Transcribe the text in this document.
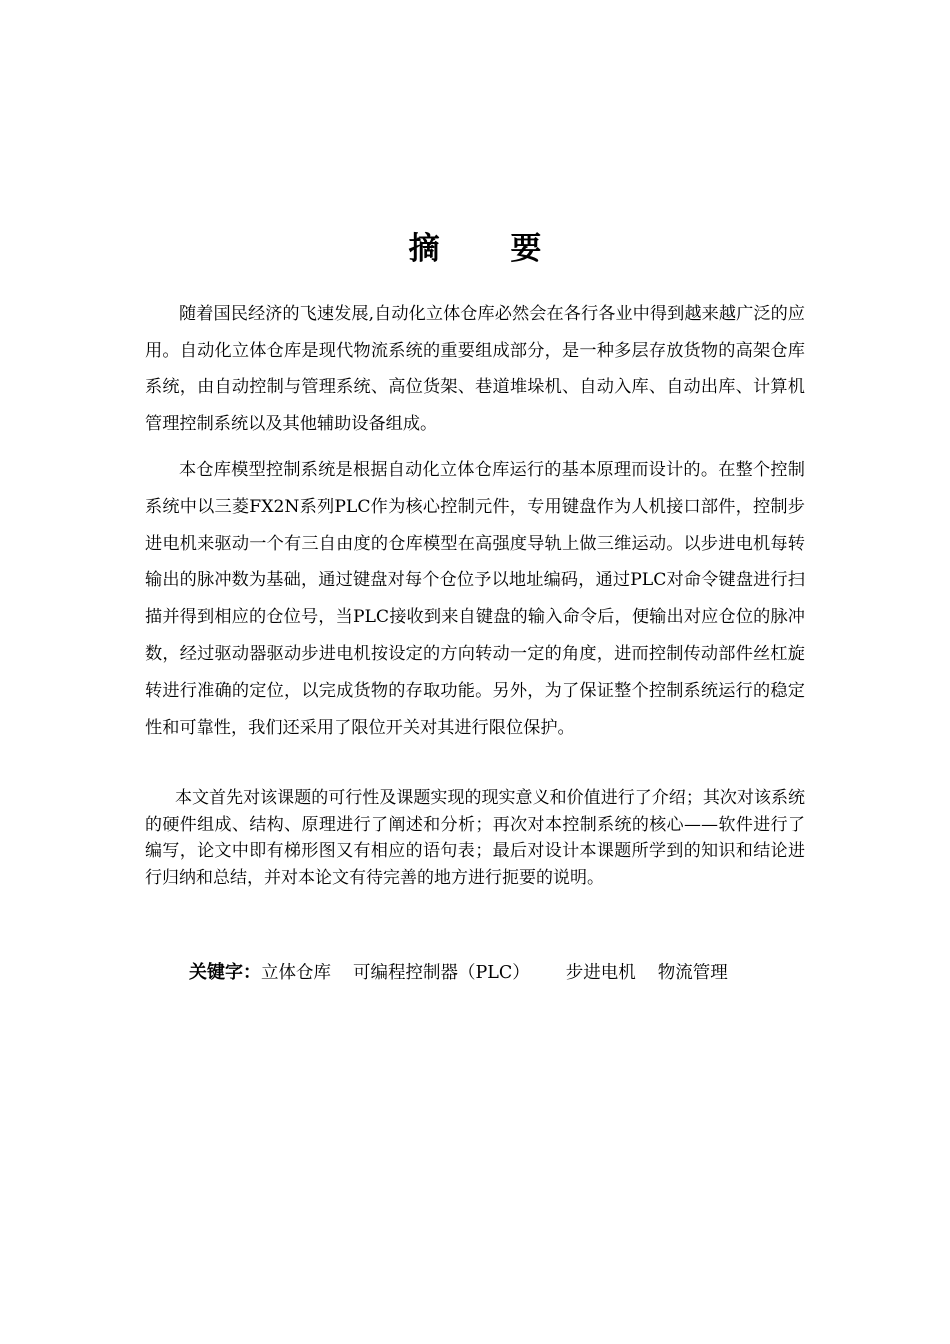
摘 要

随着国民经济的飞速发展,自动化立体仓库必然会在各行各业中得到越来越广泛的应用。自动化立体仓库是现代物流系统的重要组成部分，是一种多层存放货物的高架仓库系统，由自动控制与管理系统、高位货架、巷道堆垛机、自动入库、自动出库、计算机管理控制系统以及其他辅助设备组成。

本仓库模型控制系统是根据自动化立体仓库运行的基本原理而设计的。在整个控制系统中以三菱FX2N系列PLC作为核心控制元件，专用键盘作为人机接口部件，控制步进电机来驱动一个有三自由度的仓库模型在高强度导轨上做三维运动。以步进电机每转输出的脉冲数为基础，通过键盘对每个仓位予以地址编码，通过PLC对命令键盘进行扫描并得到相应的仓位号，当PLC接收到来自键盘的输入命令后，便输出对应仓位的脉冲数，经过驱动器驱动步进电机按设定的方向转动一定的角度，进而控制传动部件丝杠旋转进行准确的定位，以完成货物的存取功能。另外，为了保证整个控制系统运行的稳定性和可靠性，我们还采用了限位开关对其进行限位保护。

本文首先对该课题的可行性及课题实现的现实意义和价值进行了介绍；其次对该系统的硬件组成、结构、原理进行了阐述和分析；再次对本控制系统的核心——软件进行了编写，论文中即有梯形图又有相应的语句表；最后对设计本课题所学到的知识和结论进行归纳和总结，并对本论文有待完善的地方进行扼要的说明。

关键字：立体仓库 可编程控制器（PLC） 步进电机 物流管理
